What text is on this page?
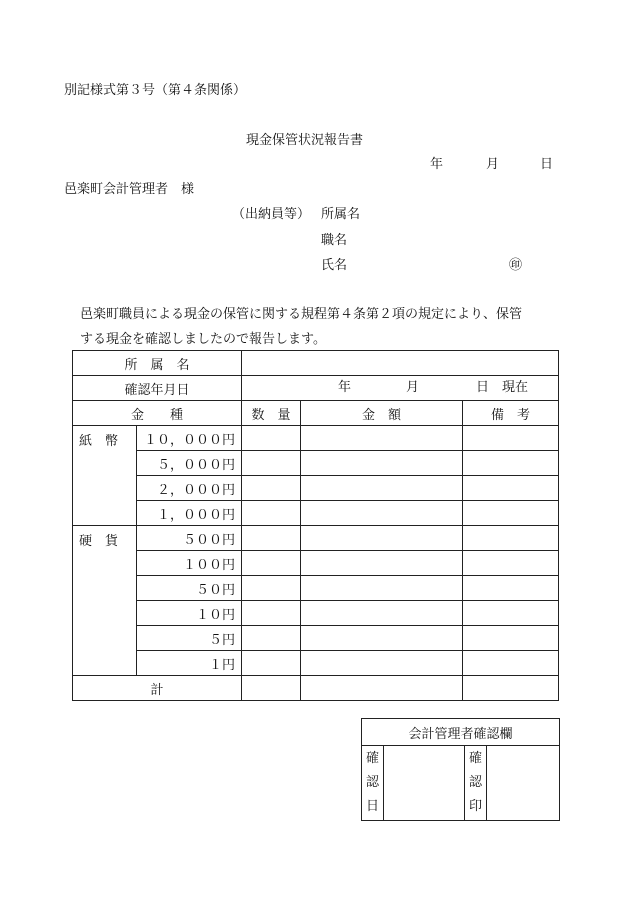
別記様式第３号（第４条関係）
現金保管状況報告書
年	月	日
邑楽町会計管理者　様
（出納員等） 所属名
職名
氏名	㊞
邑楽町職員による現金の保管に関する規程第４条第２項の規定により、保管
する現金を確認しましたので報告します。
所　属　名				
確認年月日		年 月 日　現在		

金　　種		数　量	金　額	備　考
紙　幣	１０，０００円			
	５，０００円			
	２，０００円			
	１，０００円			
硬　貨	５００円			
	１００円			
	５０円			
	１０円			
	５円			
	１円			
計				
会計管理者確認欄

確
認
日

確
認
印
